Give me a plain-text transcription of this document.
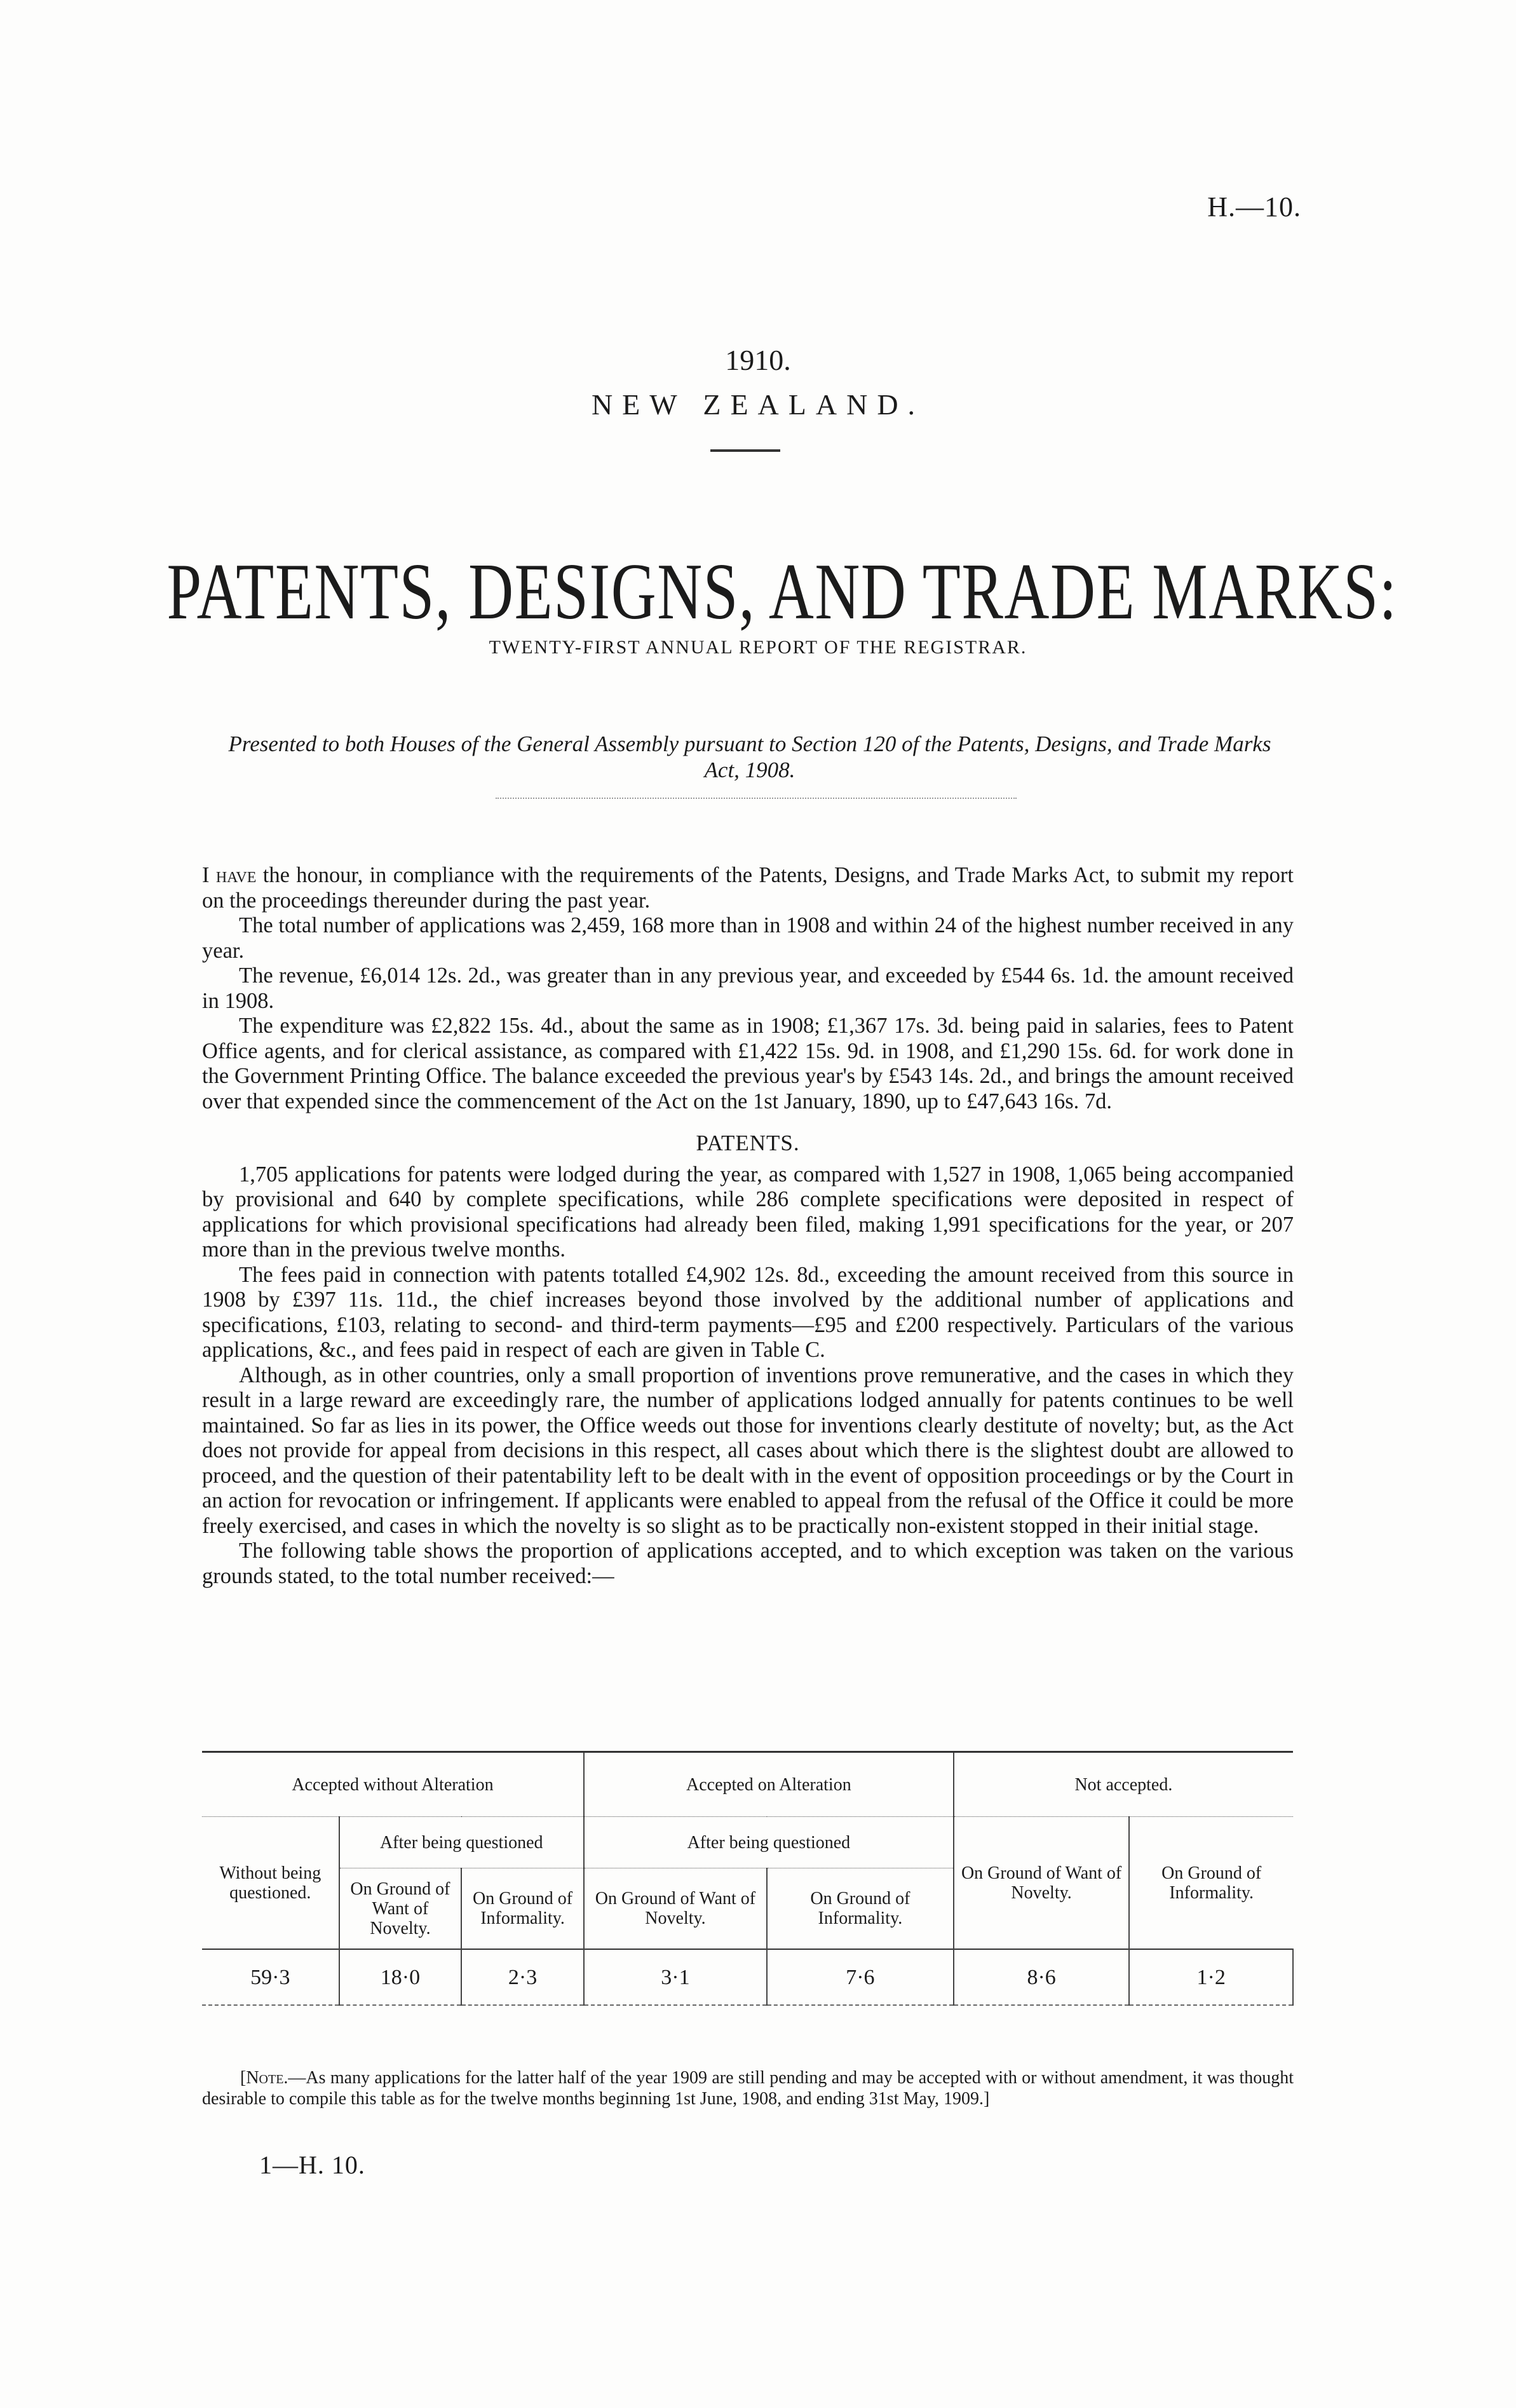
H.—10.
1910.
NEW ZEALAND.
PATENTS, DESIGNS, AND TRADE MARKS:
TWENTY-FIRST ANNUAL REPORT OF THE REGISTRAR.
Presented to both Houses of the General Assembly pursuant to Section 120 of the Patents, Designs, and Trade Marks Act, 1908.

I have the honour, in compliance with the requirements of the Patents, Designs, and Trade Marks Act, to submit my report on the proceedings thereunder during the past year.

The total number of applications was 2,459, 168 more than in 1908 and within 24 of the highest number received in any year.

The revenue, £6,014 12s. 2d., was greater than in any previous year, and exceeded by £544 6s. 1d. the amount received in 1908.

The expenditure was £2,822 15s. 4d., about the same as in 1908; £1,367 17s. 3d. being paid in salaries, fees to Patent Office agents, and for clerical assistance, as compared with £1,422 15s. 9d. in 1908, and £1,290 15s. 6d. for work done in the Government Printing Office. The balance exceeded the previous year's by £543 14s. 2d., and brings the amount received over that expended since the commencement of the Act on the 1st January, 1890, up to £47,643 16s. 7d.

PATENTS.

1,705 applications for patents were lodged during the year, as compared with 1,527 in 1908, 1,065 being accompanied by provisional and 640 by complete specifications, while 286 complete specifications were deposited in respect of applications for which provisional specifications had already been filed, making 1,991 specifications for the year, or 207 more than in the previous twelve months.

The fees paid in connection with patents totalled £4,902 12s. 8d., exceeding the amount received from this source in 1908 by £397 11s. 11d., the chief increases beyond those involved by the additional number of applications and specifications, £103, relating to second- and third-term payments—£95 and £200 respectively. Particulars of the various applications, &c., and fees paid in respect of each are given in Table C.

Although, as in other countries, only a small proportion of inventions prove remunerative, and the cases in which they result in a large reward are exceedingly rare, the number of applications lodged annually for patents continues to be well maintained. So far as lies in its power, the Office weeds out those for inventions clearly destitute of novelty; but, as the Act does not provide for appeal from decisions in this respect, all cases about which there is the slightest doubt are allowed to proceed, and the question of their patentability left to be dealt with in the event of opposition proceedings or by the Court in an action for revocation or infringement. If applicants were enabled to appeal from the refusal of the Office it could be more freely exercised, and cases in which the novelty is so slight as to be practically non-existent stopped in their initial stage.

The following table shows the proportion of applications accepted, and to which exception was taken on the various grounds stated, to the total number received:—

Accepted without Alteration			Accepted on Alteration		Not accepted.	
Without being questioned.	After being questioned		After being questioned		On Ground of Want of Novelty.	On Ground of Informality.
	On Ground of Want of Novelty.	On Ground of Informality.	On Ground of Want of Novelty.	On Ground of Informality.		
59·3	18·0	2·3	3·1	7·6	8·6	1·2
[Note.—As many applications for the latter half of the year 1909 are still pending and may be accepted with or without amendment, it was thought desirable to compile this table as for the twelve months beginning 1st June, 1908, and ending 31st May, 1909.]
1—H. 10.
